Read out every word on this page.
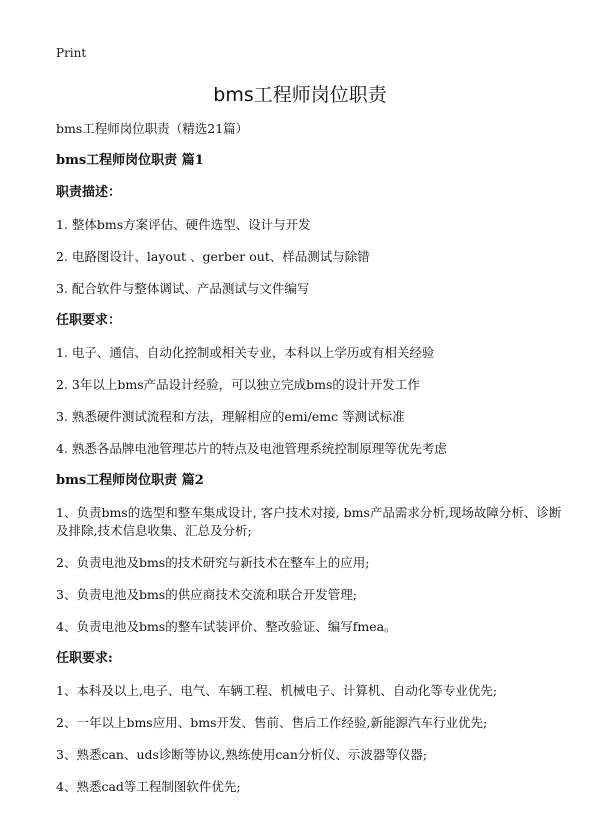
Print
bms工程师岗位职责

bms工程师岗位职责（精选21篇）

bms工程师岗位职责 篇1

职责描述：

1. 整体bms方案评估、硬件选型、设计与开发

2. 电路图设计、layout 、gerber out、样品测试与除错

3. 配合软件与整体调试、产品测试与文件编写

任职要求：

1. 电子、通信、自动化控制或相关专业，本科以上学历或有相关经验

2. 3年以上bms产品设计经验，可以独立完成bms的设计开发工作

3. 熟悉硬件测试流程和方法，理解相应的emi/emc 等测试标准

4. 熟悉各品牌电池管理芯片的特点及电池管理系统控制原理等优先考虑

bms工程师岗位职责 篇2

1、负责bms的选型和整车集成设计, 客户技术对接, bms产品需求分析,现场故障分析、诊断及排除,技术信息收集、汇总及分析;

2、负责电池及bms的技术研究与新技术在整车上的应用;

3、负责电池及bms的供应商技术交流和联合开发管理;

4、负责电池及bms的整车试装评价、整改验证、编写fmea。

任职要求:

1、本科及以上,电子、电气、车辆工程、机械电子、计算机、自动化等专业优先;

2、一年以上bms应用、bms开发、售前、售后工作经验,新能源汽车行业优先;

3、熟悉can、uds诊断等协议,熟练使用can分析仪、示波器等仪器;

4、熟悉cad等工程制图软件优先;
